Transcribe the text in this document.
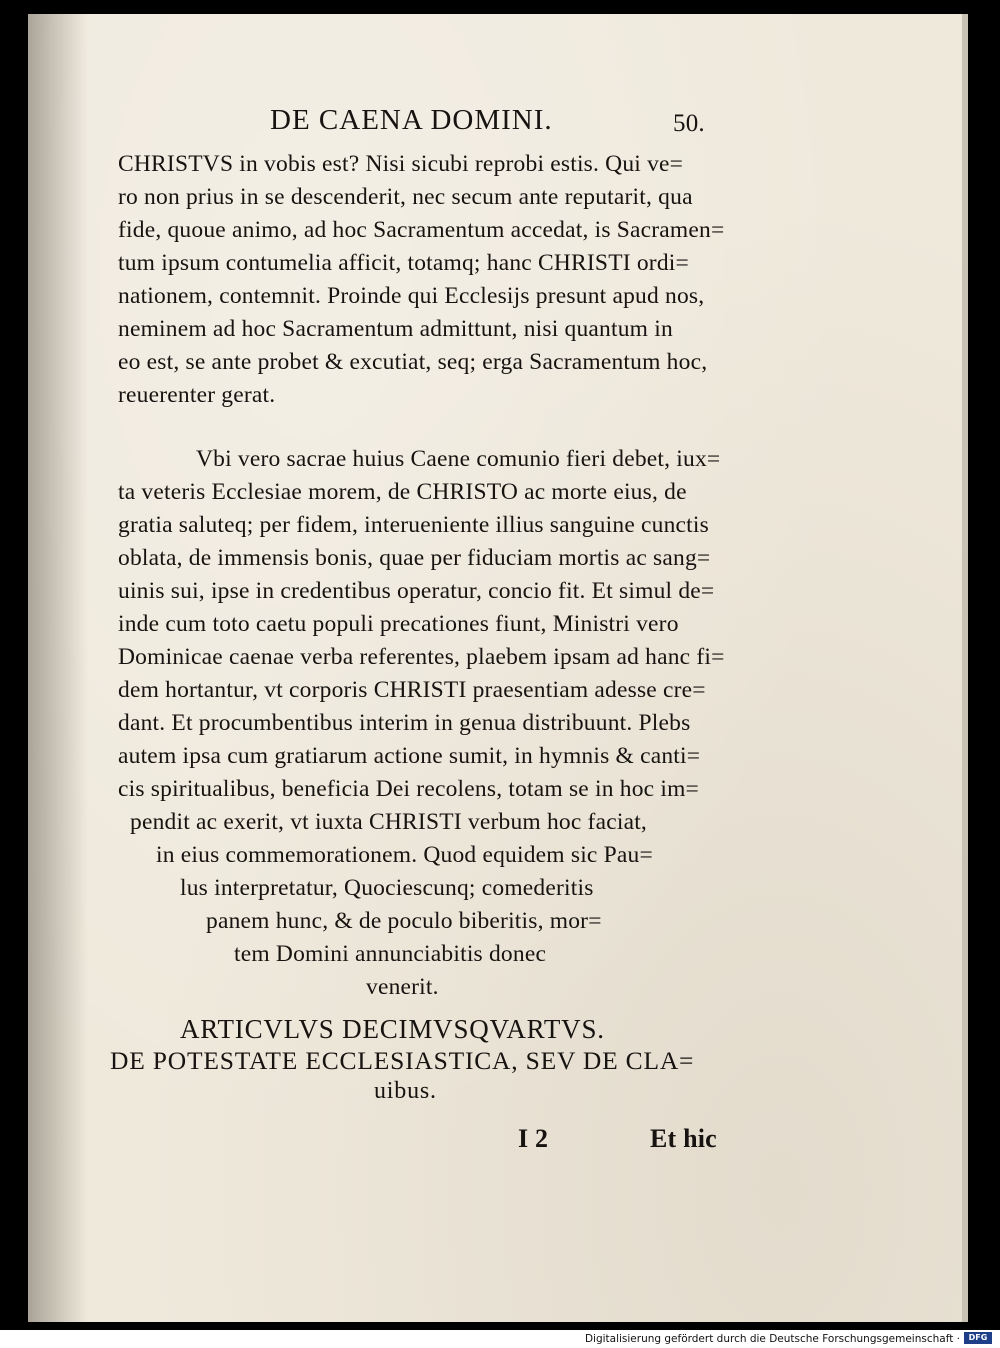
DE CAENA DOMINI.	50.
CHRISTVS in vobis est? Nisi sicubi reprobi estis. Qui ve=
ro non prius in se descenderit, nec secum ante reputarit, qua
fide, quoue animo, ad hoc Sacramentum accedat, is Sacramen=
tum ipsum contumelia afficit, totamq; hanc CHRISTI ordi=
nationem, contemnit. Proinde qui Ecclesijs presunt apud nos,
neminem ad hoc Sacramentum admittunt, nisi quantum in
eo est, se ante probet & excutiat, seq; erga Sacramentum hoc,
reuerenter gerat.
Vbi vero sacrae huius Caene comunio fieri debet, iux=
ta veteris Ecclesiae morem, de CHRISTO ac morte eius, de
gratia saluteq; per fidem, interueniente illius sanguine cunctis
oblata, de immensis bonis, quae per fiduciam mortis ac sang=
uinis sui, ipse in credentibus operatur, concio fit. Et simul de=
inde cum toto caetu populi precationes fiunt, Ministri vero
Dominicae caenae verba referentes, plaebem ipsam ad hanc fi=
dem hortantur, vt corporis CHRISTI praesentiam adesse cre=
dant. Et procumbentibus interim in genua distribuunt. Plebs
autem ipsa cum gratiarum actione sumit, in hymnis & canti=
cis spiritualibus, beneficia Dei recolens, totam se in hoc im=
pendit ac exerit, vt iuxta CHRISTI verbum hoc faciat,
in eius commemorationem. Quod equidem sic Pau=
lus interpretatur, Quociescunq; comederitis
panem hunc, & de poculo biberitis, mor=
tem Domini annunciabitis donec
venerit.
ARTICVLVS DECIMVSQVARTVS.
DE POTESTATE ECCLESIASTICA, SEV DE CLA=
uibus.
I 2	Et hic
Digitalisierung gefördert durch die Deutsche Forschungsgemeinschaft ·	DFG
